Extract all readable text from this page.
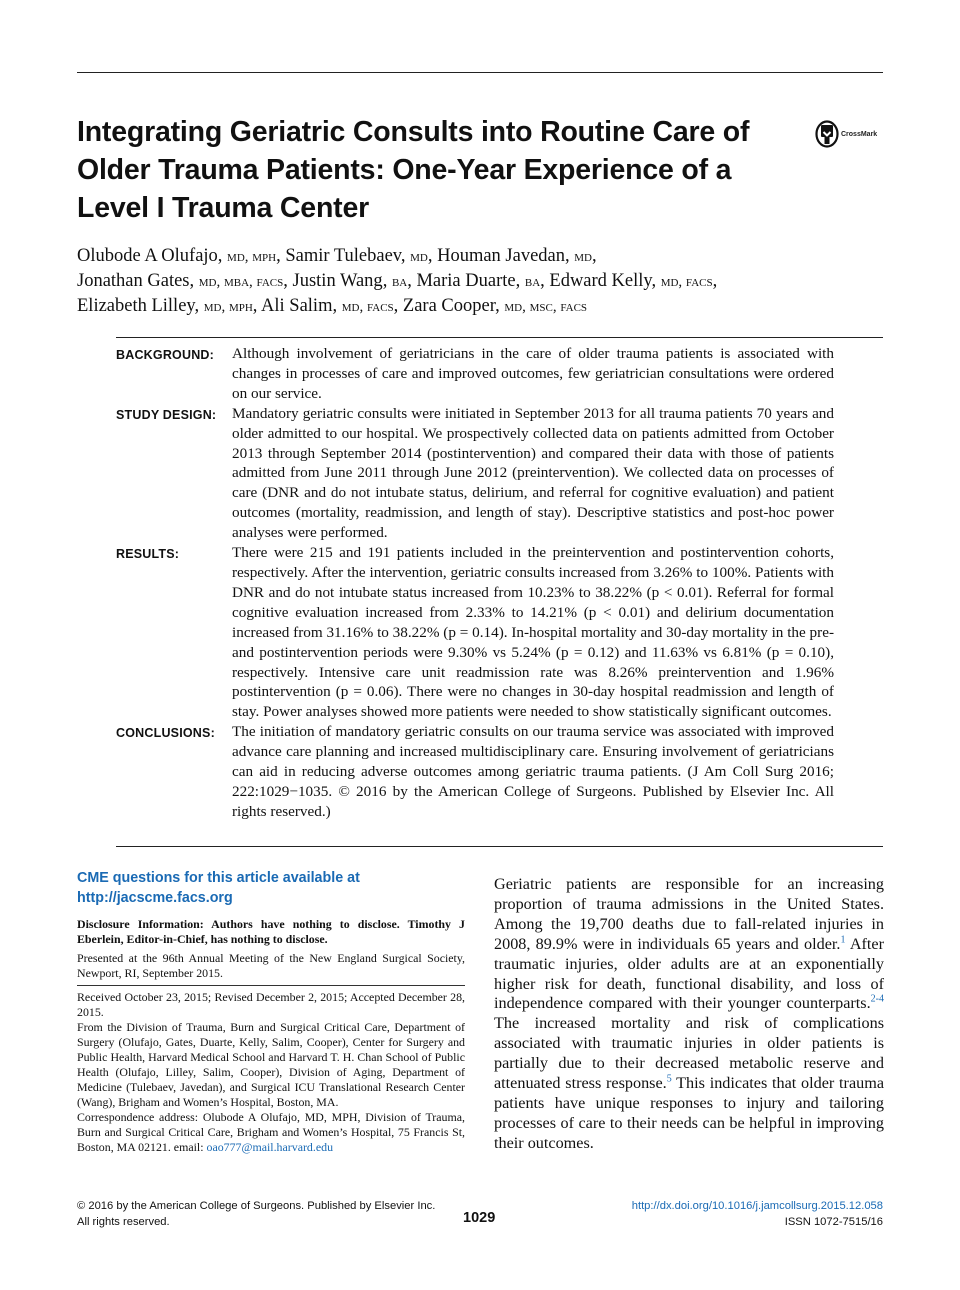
Integrating Geriatric Consults into Routine Care of Older Trauma Patients: One-Year Experience of a Level I Trauma Center
CrossMark
Olubode A Olufajo, md, mph, Samir Tulebaev, md, Houman Javedan, md,
Jonathan Gates, md, mba, facs, Justin Wang, ba, Maria Duarte, ba, Edward Kelly, md, facs,
Elizabeth Lilley, md, mph, Ali Salim, md, facs, Zara Cooper, md, msc, facs
BACKGROUND:	Although involvement of geriatricians in the care of older trauma patients is associated with changes in processes of care and improved outcomes, few geriatrician consultations were ordered on our service.
STUDY DESIGN:	Mandatory geriatric consults were initiated in September 2013 for all trauma patients 70 years and older admitted to our hospital. We prospectively collected data on patients admitted from October 2013 through September 2014 (postintervention) and compared their data with those of patients admitted from June 2011 through June 2012 (preintervention). We collected data on processes of care (DNR and do not intubate status, delirium, and referral for cognitive evaluation) and patient outcomes (mortality, readmission, and length of stay). Descriptive statistics and post-hoc power analyses were performed.
RESULTS:	There were 215 and 191 patients included in the preintervention and postintervention cohorts, respectively. After the intervention, geriatric consults increased from 3.26% to 100%. Patients with DNR and do not intubate status increased from 10.23% to 38.22% (p < 0.01). Referral for formal cognitive evaluation increased from 2.33% to 14.21% (p < 0.01) and delirium documentation increased from 31.16% to 38.22% (p = 0.14). In-hospital mortality and 30-day mortality in the pre- and postintervention periods were 9.30% vs 5.24% (p = 0.12) and 11.63% vs 6.81% (p = 0.10), respectively. Intensive care unit readmission rate was 8.26% preintervention and 1.96% postintervention (p = 0.06). There were no changes in 30-day hospital readmission and length of stay. Power analyses showed more patients were needed to show statistically significant outcomes.
CONCLUSIONS:	The initiation of mandatory geriatric consults on our trauma service was associated with improved advance care planning and increased multidisciplinary care. Ensuring involvement of geriatricians can aid in reducing adverse outcomes among geriatric trauma patients. (J Am Coll Surg 2016; 222:1029−1035. © 2016 by the American College of Surgeons. Published by Elsevier Inc. All rights reserved.)
CME questions for this article available at
http://jacscme.facs.org

Disclosure Information: Authors have nothing to disclose. Timothy J Eberlein, Editor-in-Chief, has nothing to disclose.

Presented at the 96th Annual Meeting of the New England Surgical Society, Newport, RI, September 2015.

Received October 23, 2015; Revised December 2, 2015; Accepted December 28, 2015.

From the Division of Trauma, Burn and Surgical Critical Care, Department of Surgery (Olufajo, Gates, Duarte, Kelly, Salim, Cooper), Center for Surgery and Public Health, Harvard Medical School and Harvard T. H. Chan School of Public Health (Olufajo, Lilley, Salim, Cooper), Division of Aging, Department of Medicine (Tulebaev, Javedan), and Surgical ICU Translational Research Center (Wang), Brigham and Women’s Hospital, Boston, MA.

Correspondence address: Olubode A Olufajo, MD, MPH, Division of Trauma, Burn and Surgical Critical Care, Brigham and Women’s Hospital, 75 Francis St, Boston, MA 02121. email: oao777@mail.harvard.edu

Geriatric patients are responsible for an increasing proportion of trauma admissions in the United States. Among the 19,700 deaths due to fall-related injuries in 2008, 89.9% were in individuals 65 years and older.$^1$ After traumatic injuries, older adults are at an exponentially higher risk for death, functional disability, and loss of independence compared with their younger counterparts.$^{2-4}$ The increased mortality and risk of complications associated with traumatic injuries in older patients is partially due to their decreased metabolic reserve and attenuated stress response.$^5$ This indicates that older trauma patients have unique responses to injury and tailoring processes of care to their needs can be helpful in improving their outcomes.
© 2016 by the American College of Surgeons. Published by Elsevier Inc.
All rights reserved.
http://dx.doi.org/10.1016/j.jamcollsurg.2015.12.058
ISSN 1072-7515/16
1029
